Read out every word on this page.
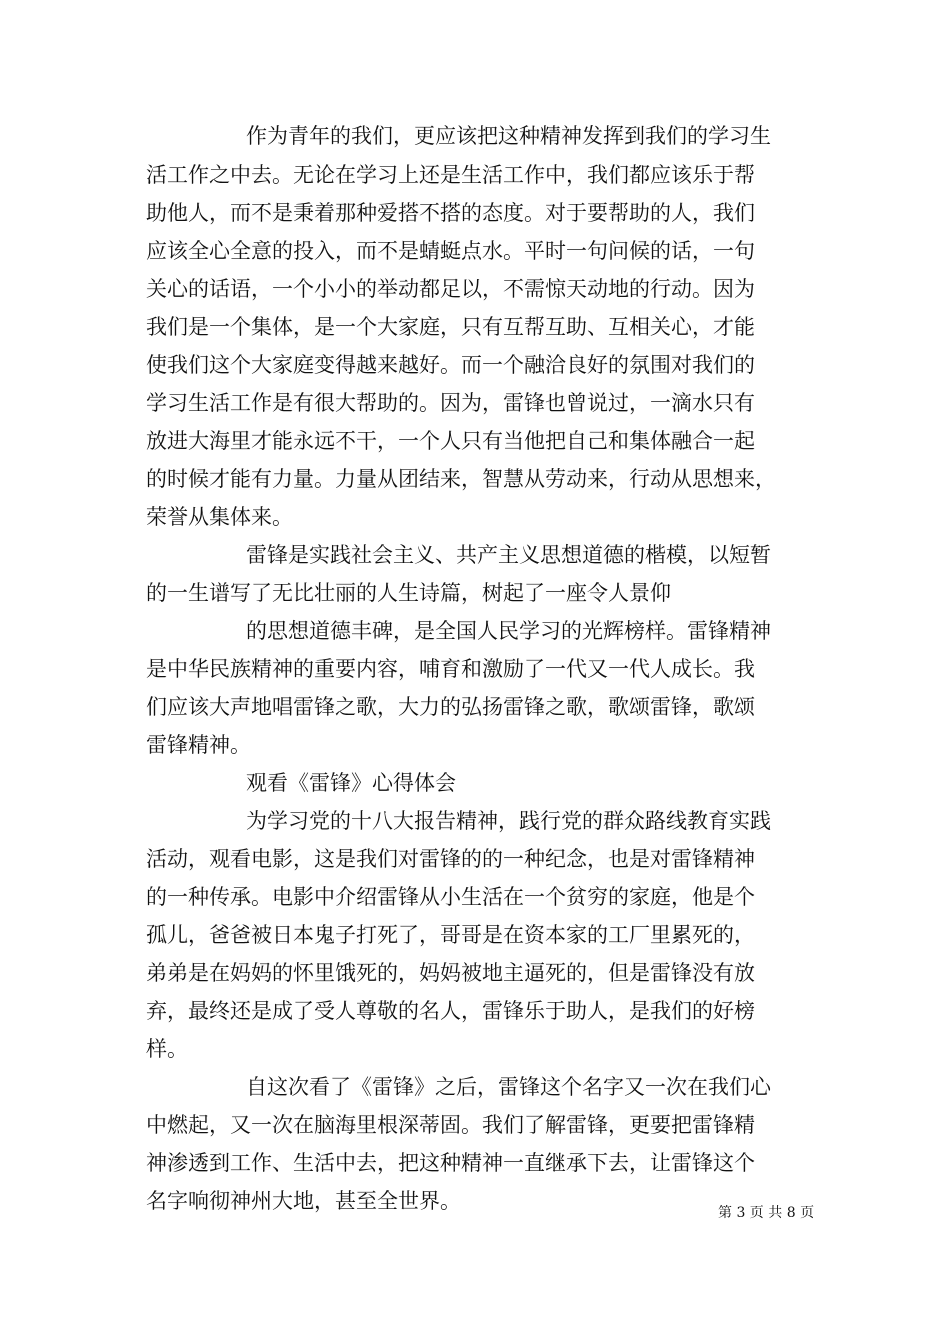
作为青年的我们，更应该把这种精神发挥到我们的学习生
活工作之中去。无论在学习上还是生活工作中，我们都应该乐于帮
助他人，而不是秉着那种爱搭不搭的态度。对于要帮助的人，我们
应该全心全意的投入，而不是蜻蜓点水。平时一句问候的话，一句
关心的话语，一个小小的举动都足以，不需惊天动地的行动。因为
我们是一个集体，是一个大家庭，只有互帮互助、互相关心，才能
使我们这个大家庭变得越来越好。而一个融洽良好的氛围对我们的
学习生活工作是有很大帮助的。因为，雷锋也曾说过，一滴水只有
放进大海里才能永远不干，一个人只有当他把自己和集体融合一起
的时候才能有力量。力量从团结来，智慧从劳动来，行动从思想来，
荣誉从集体来。
雷锋是实践社会主义、共产主义思想道德的楷模，以短暂
的一生谱写了无比壮丽的人生诗篇，树起了一座令人景仰
的思想道德丰碑，是全国人民学习的光辉榜样。雷锋精神
是中华民族精神的重要内容，哺育和激励了一代又一代人成长。我
们应该大声地唱雷锋之歌，大力的弘扬雷锋之歌，歌颂雷锋，歌颂
雷锋精神。
观看《雷锋》心得体会
为学习党的十八大报告精神，践行党的群众路线教育实践
活动，观看电影，这是我们对雷锋的的一种纪念，也是对雷锋精神
的一种传承。电影中介绍雷锋从小生活在一个贫穷的家庭，他是个
孤儿，爸爸被日本鬼子打死了，哥哥是在资本家的工厂里累死的，
弟弟是在妈妈的怀里饿死的，妈妈被地主逼死的，但是雷锋没有放
弃，最终还是成了受人尊敬的名人，雷锋乐于助人，是我们的好榜
样。
自这次看了《雷锋》之后，雷锋这个名字又一次在我们心
中燃起，又一次在脑海里根深蒂固。我们了解雷锋，更要把雷锋精
神渗透到工作、生活中去，把这种精神一直继承下去，让雷锋这个
名字响彻神州大地，甚至全世界。	第 3 页 共 8 页
